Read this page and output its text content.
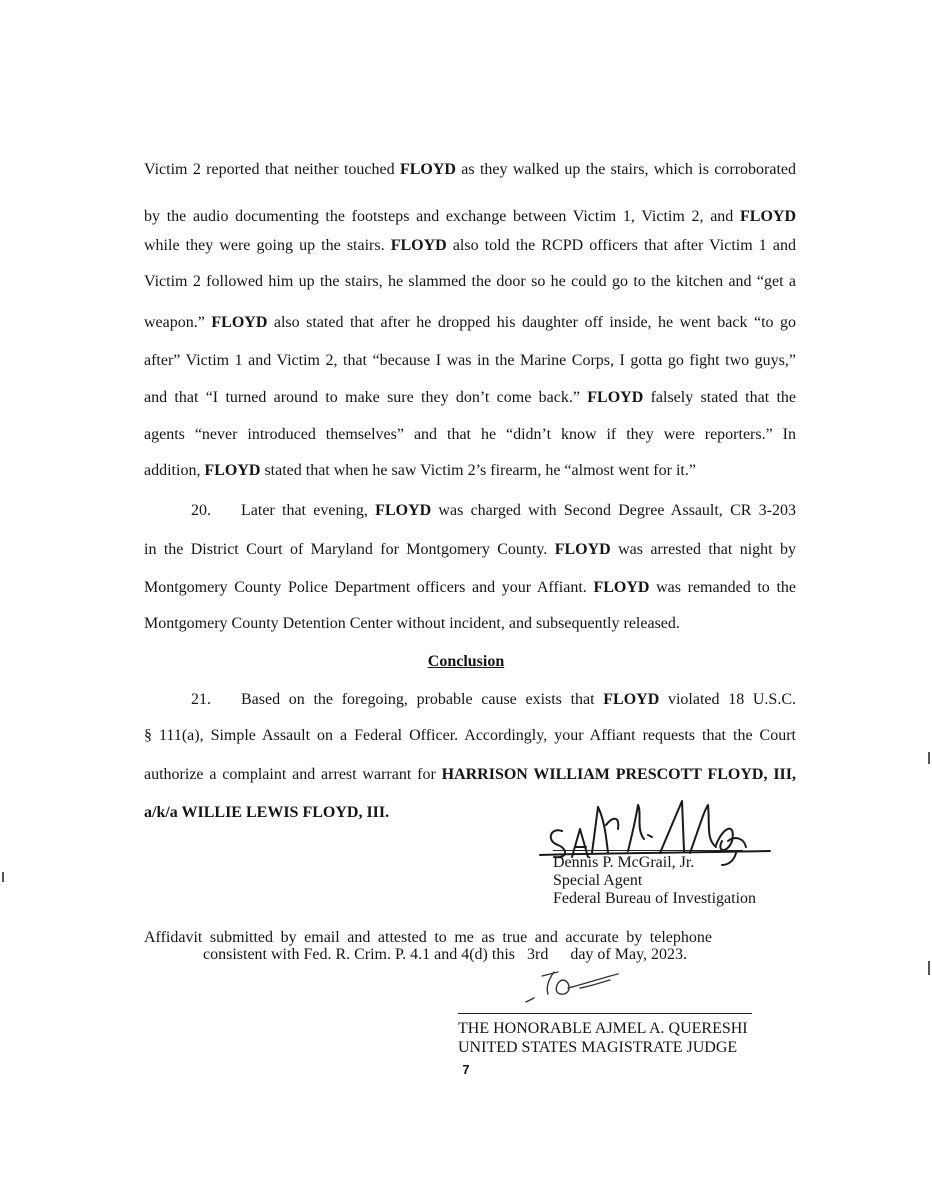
Victim 2 reported that neither touched FLOYD as they walked up the stairs, which is corroborated
by the audio documenting the footsteps and exchange between Victim 1, Victim 2, and FLOYD
while they were going up the stairs. FLOYD also told the RCPD officers that after Victim 1 and
Victim 2 followed him up the stairs, he slammed the door so he could go to the kitchen and “get a
weapon.” FLOYD also stated that after he dropped his daughter off inside, he went back “to go
after” Victim 1 and Victim 2, that “because I was in the Marine Corps, I gotta go fight two guys,”
and that “I turned around to make sure they don’t come back.” FLOYD falsely stated that the
agents “never introduced themselves” and that he “didn’t know if they were reporters.” In
addition, FLOYD stated that when he saw Victim 2’s firearm, he “almost went for it.”
20. Later that evening, FLOYD was charged with Second Degree Assault, CR 3-203
in the District Court of Maryland for Montgomery County. FLOYD was arrested that night by
Montgomery County Police Department officers and your Affiant. FLOYD was remanded to the
Montgomery County Detention Center without incident, and subsequently released.
Conclusion
21. Based on the foregoing, probable cause exists that FLOYD violated 18 U.S.C.
§ 111(a), Simple Assault on a Federal Officer. Accordingly, your Affiant requests that the Court
authorize a complaint and arrest warrant for HARRISON WILLIAM PRESCOTT FLOYD, III,
a/k/a WILLIE LEWIS FLOYD, III.
Dennis P. McGrail, Jr.
Special Agent
Federal Bureau of Investigation
Affidavit submitted by email and attested to me as true and accurate by telephone
consistent with Fed. R. Crim. P. 4.1 and 4(d) this 3rd day of May, 2023.
THE HONORABLE AJMEL A. QUERESHI
UNITED STATES MAGISTRATE JUDGE
7
